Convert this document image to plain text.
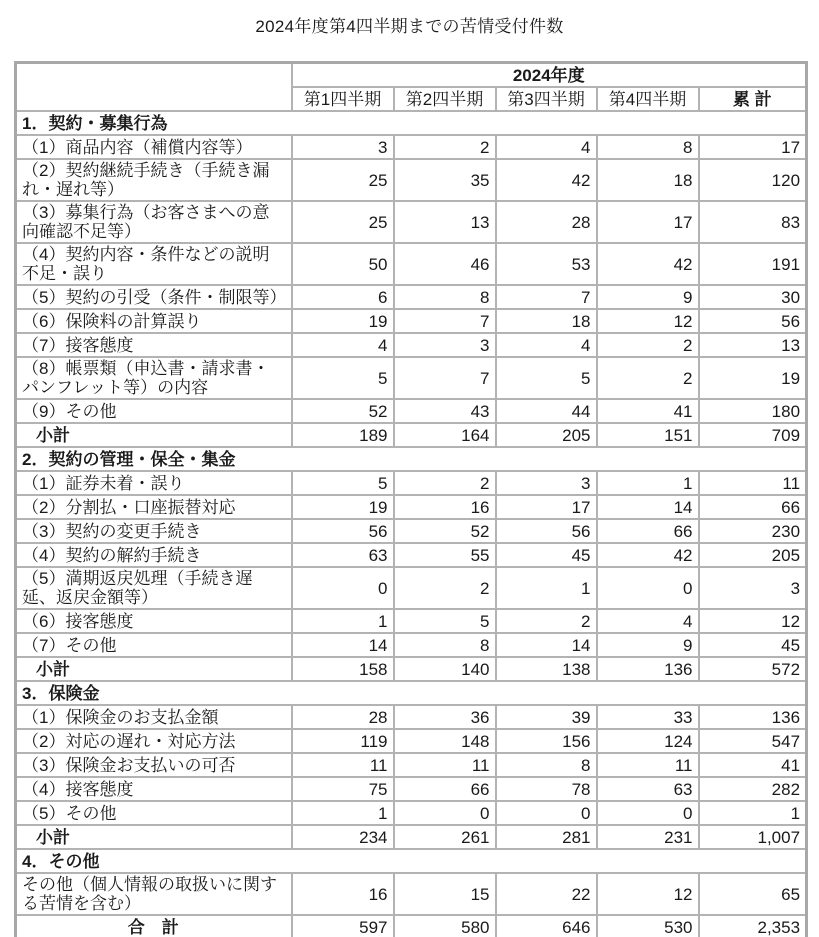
2024年度第4四半期までの苦情受付件数
	2024年度				
	第1四半期	第2四半期	第3四半期	第4四半期	累 計
1．契約・募集行為					
（1）商品内容（補償内容等）	3	2	4	8	17
（2）契約継続手続き（手続き漏れ・遅れ等）	25	35	42	18	120
（3）募集行為（お客さまへの意向確認不足等）	25	13	28	17	83
（4）契約内容・条件などの説明不足・誤り	50	46	53	42	191
（5）契約の引受（条件・制限等）	6	8	7	9	30
（6）保険料の計算誤り	19	7	18	12	56
（7）接客態度	4	3	4	2	13
（8）帳票類（申込書・請求書・パンフレット等）の内容	5	7	5	2	19
（9）その他	52	43	44	41	180
小計	189	164	205	151	709
2．契約の管理・保全・集金					
（1）証券未着・誤り	5	2	3	1	11
（2）分割払・口座振替対応	19	16	17	14	66
（3）契約の変更手続き	56	52	56	66	230
（4）契約の解約手続き	63	55	45	42	205
（5）満期返戻処理（手続き遅延、返戻金額等）	0	2	1	0	3
（6）接客態度	1	5	2	4	12
（7）その他	14	8	14	9	45
小計	158	140	138	136	572
3．保険金					
（1）保険金のお支払金額	28	36	39	33	136
（2）対応の遅れ・対応方法	119	148	156	124	547
（3）保険金お支払いの可否	11	11	8	11	41
（4）接客態度	75	66	78	63	282
（5）その他	1	0	0	0	1
小計	234	261	281	231	1,007
4．その他					
その他（個人情報の取扱いに関する苦情を含む）	16	15	22	12	65
合　計	597	580	646	530	2,353
